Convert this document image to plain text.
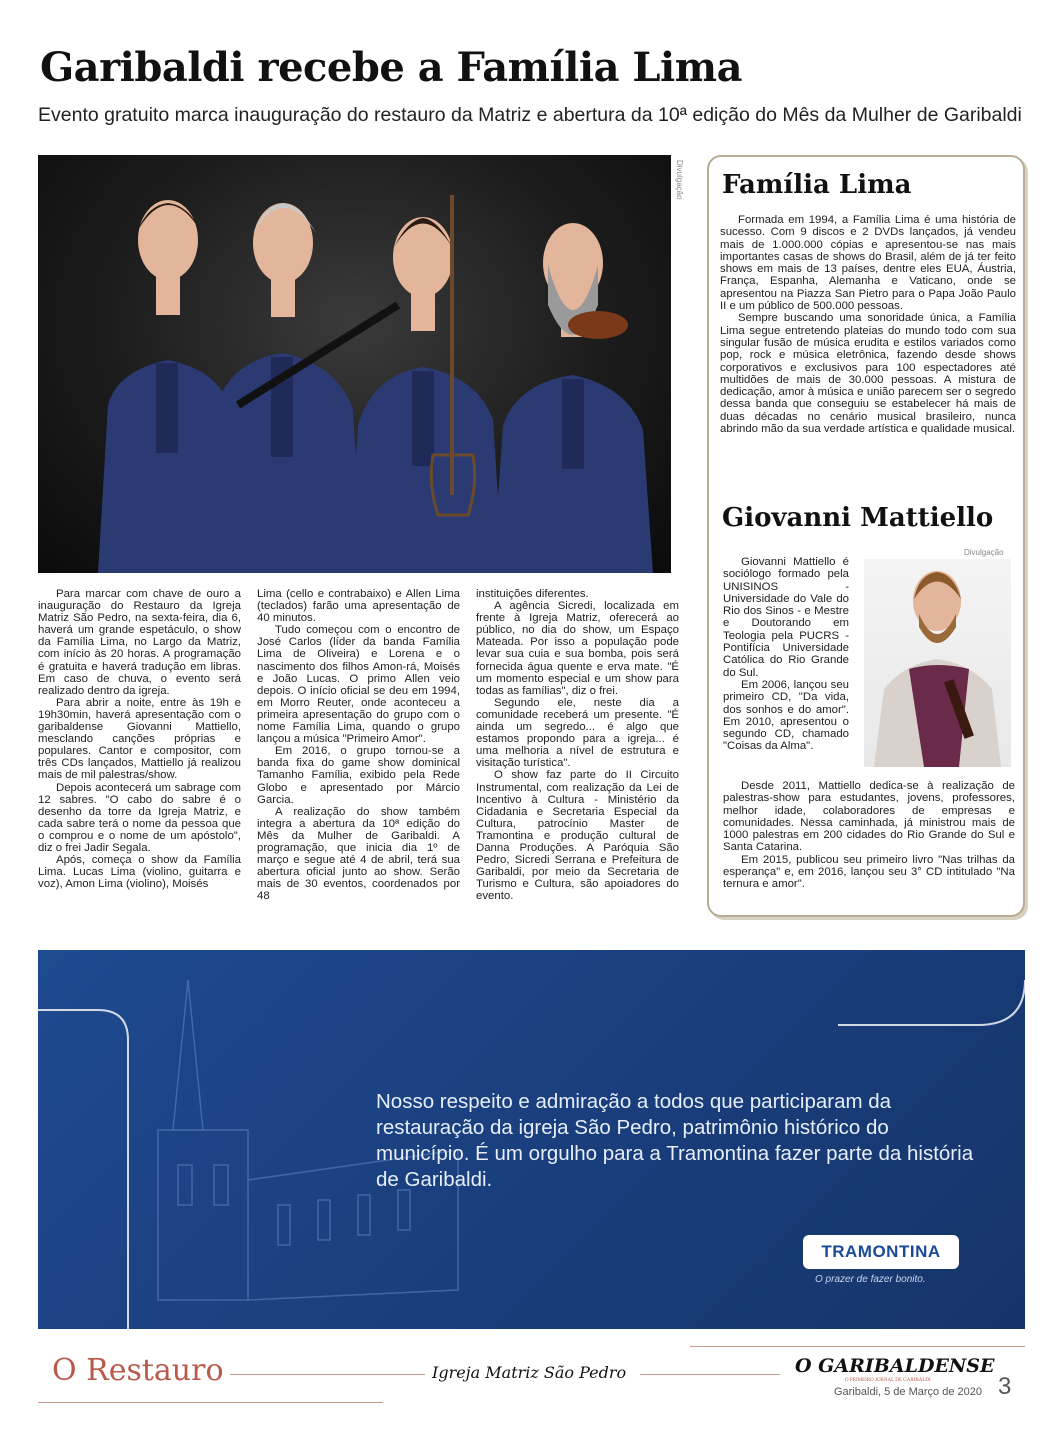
Garibaldi recebe a Família Lima
Evento gratuito marca inauguração do restauro da Matriz e abertura da 10ª edição do Mês da Mulher de Garibaldi
Divulgação

Para marcar com chave de ouro a inauguração do Restauro da Igreja Matriz São Pedro, na sexta-feira, dia 6, haverá um grande espetáculo, o show da Família Lima, no Largo da Matriz, com início às 20 horas. A programação é gratuita e haverá tradução em libras. Em caso de chuva, o evento será realizado dentro da igreja.

Para abrir a noite, entre às 19h e 19h30min, haverá apresentação com o garibaldense Giovanni Mattiello, mesclando canções próprias e populares. Cantor e compositor, com três CDs lançados, Mattiello já realizou mais de mil palestras/show.

Depois acontecerá um sabrage com 12 sabres. "O cabo do sabre é o desenho da torre da Igreja Matriz, e cada sabre terá o nome da pessoa que o comprou e o nome de um apóstolo", diz o frei Jadir Segala.

Após, começa o show da Família Lima. Lucas Lima (violino, guitarra e voz), Amon Lima (violino), Moisés

Lima (cello e contrabaixo) e Allen Lima (teclados) farão uma apresentação de 40 minutos.

Tudo começou com o encontro de José Carlos (líder da banda Família Lima de Oliveira) e Lorena e o nascimento dos filhos Amon-rá, Moisés e João Lucas. O primo Allen veio depois. O início oficial se deu em 1994, em Morro Reuter, onde aconteceu a primeira apresentação do grupo com o nome Família Lima, quando o grupo lançou a música "Primeiro Amor".

Em 2016, o grupo tornou-se a banda fixa do game show dominical Tamanho Família, exibido pela Rede Globo e apresentado por Márcio Garcia.

A realização do show também integra a abertura da 10ª edição do Mês da Mulher de Garibaldi. A programação, que inicia dia 1º de março e segue até 4 de abril, terá sua abertura oficial junto ao show. Serão mais de 30 eventos, coordenados por 48

instituições diferentes.

A agência Sicredi, localizada em frente à Igreja Matriz, oferecerá ao público, no dia do show, um Espaço Mateada. Por isso a população pode levar sua cuia e sua bomba, pois será fornecida água quente e erva mate. "É um momento especial e um show para todas as famílias", diz o frei.

Segundo ele, neste dia a comunidade receberá um presente. "É ainda um segredo... é algo que estamos propondo para a igreja... é uma melhoria a nível de estrutura e visitação turística".

O show faz parte do II Circuito Instrumental, com realização da Lei de Incentivo à Cultura - Ministério da Cidadania e Secretaria Especial da Cultura, patrocínio Master de Tramontina e produção cultural de Danna Produções. A Paróquia São Pedro, Sicredi Serrana e Prefeitura de Garibaldi, por meio da Secretaria de Turismo e Cultura, são apoiadores do evento.

Família Lima

Formada em 1994, a Família Lima é uma história de sucesso. Com 9 discos e 2 DVDs lançados, já vendeu mais de 1.000.000 cópias e apresentou-se nas mais importantes casas de shows do Brasil, além de já ter feito shows em mais de 13 países, dentre eles EUA, Áustria, França, Espanha, Alemanha e Vaticano, onde se apresentou na Piazza San Pietro para o Papa João Paulo II e um público de 500.000 pessoas.

Sempre buscando uma sonoridade única, a Família Lima segue entretendo plateias do mundo todo com sua singular fusão de música erudita e estilos variados como pop, rock e música eletrônica, fazendo desde shows corporativos e exclusivos para 100 espectadores até multidões de mais de 30.000 pessoas. A mistura de dedicação, amor à música e união parecem ser o segredo dessa banda que conseguiu se estabelecer há mais de duas décadas no cenário musical brasileiro, nunca abrindo mão da sua verdade artística e qualidade musical.

Giovanni Mattiello
Divulgação

Giovanni Mattiello é sociólogo formado pela UNISINOS - Universidade do Vale do Rio dos Sinos - e Mestre e Doutorando em Teologia pela PUCRS - Pontifícia Universidade Católica do Rio Grande do Sul.

Em 2006, lançou seu primeiro CD, "Da vida, dos sonhos e do amor". Em 2010, apresentou o segundo CD, chamado "Coisas da Alma".

Desde 2011, Mattiello dedica-se à realização de palestras-show para estudantes, jovens, professores, melhor idade, colaboradores de empresas e comunidades. Nessa caminhada, já ministrou mais de 1000 palestras em 200 cidades do Rio Grande do Sul e Santa Catarina.

Em 2015, publicou seu primeiro livro "Nas trilhas da esperança" e, em 2016, lançou seu 3° CD intitulado "Na ternura e amor".

Nosso respeito e admiração a todos que participaram da restauração da igreja São Pedro, patrimônio histórico do município. É um orgulho para a Tramontina fazer parte da história de Garibaldi.
TRAMONTINA
O prazer de fazer bonito.
O Restauro	Igreja Matriz São Pedro	O GARIBALDENSE
O PRIMEIRO JORNAL DE GARIBALDI
Garibaldi, 5 de Março de 2020 3
